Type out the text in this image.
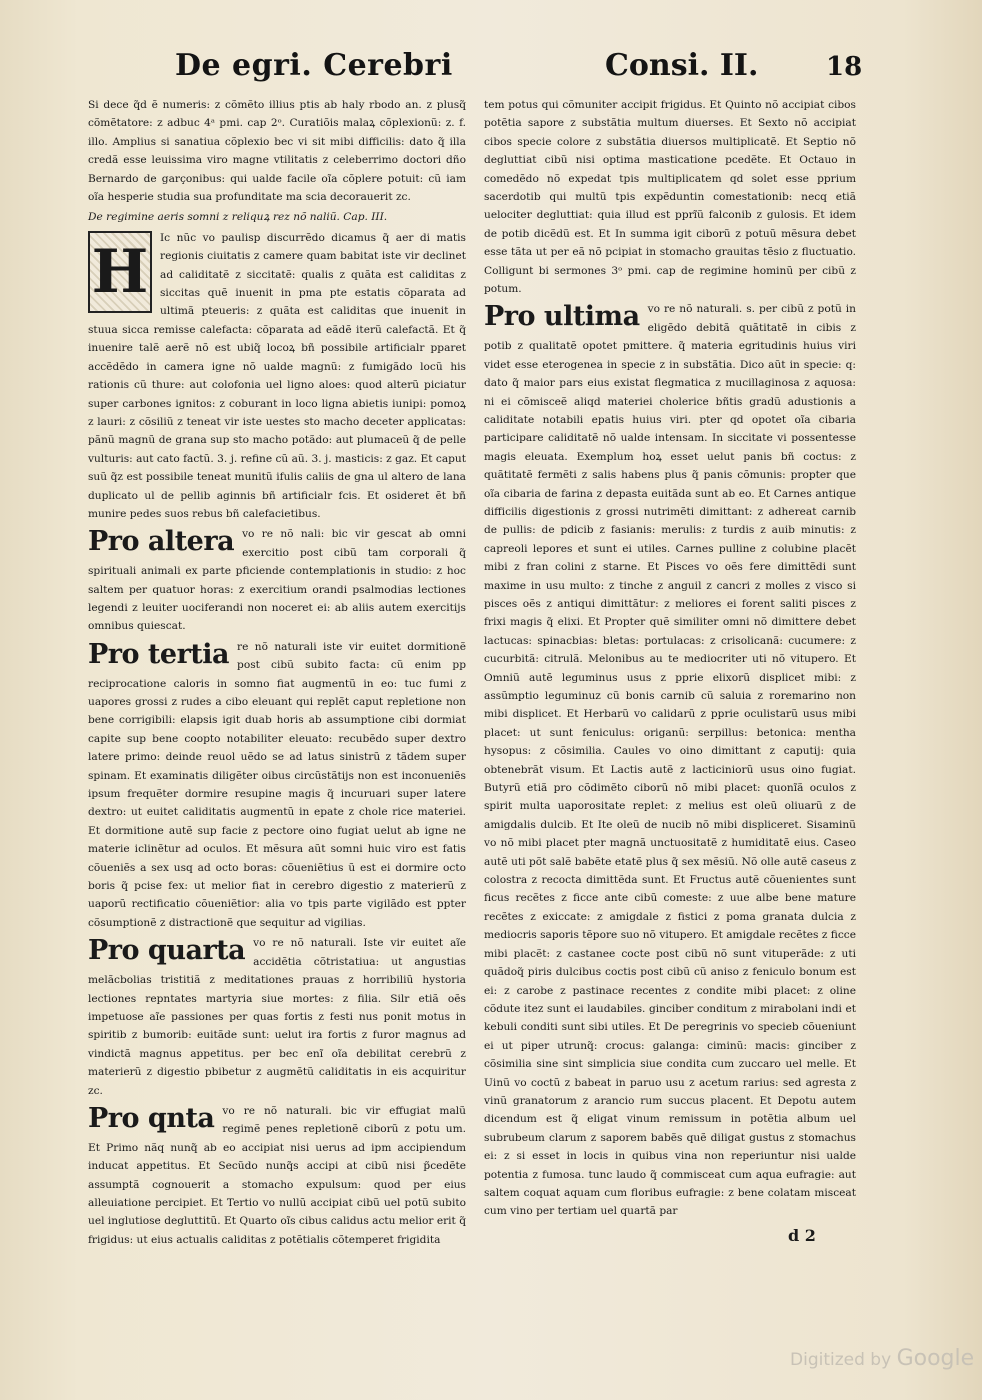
De egri. Cerebri	Consi. II.	18

Si dece q̃d ẽ numeris: z cõmẽto illius ptis ab haly rbodo an. z plusq̃ cõmẽtatore: z adbuc 4ᵃ pmi. cap 2ᵒ. Curatiõis malaꝝ cõplexionũ: z. f. illo. Amplius si sanatiua cõplexio bec vi sit mibi difficilis: dato q̃ illa credã esse leuissima viro magne vtilitatis z celeberrimo doctori dño Bernardo de garçonibus: qui ualde facile oĩa cõplere potuit: cũ iam oĩa hesperie studia sua profunditate ma scia decorauerit zc.

De regimine aeris somni z reliquꝝ rez nõ naliũ. Cap. III.

H	Ic nũc vo paulisp discurrẽdo dicamus q̃ aer di matis regionis ciuitatis z camere quam babitat iste vir declinet ad caliditatẽ z siccitatẽ: qualis z quãta est caliditas z siccitas quẽ inuenit in pma pte estatis cõparata ad ultimã pteueris: z quãta est caliditas que inuenit in stuua sicca remisse calefacta: cõparata ad eãdẽ iterũ calefactã. Et q̃ inuenire talẽ aerẽ nõ est ubiq̃ locoꝝ bñ possibile artificialr pparet accẽdẽdo in camera igne nõ ualde magnũ: z fumigãdo locũ his rationis cũ thure: aut colofonia uel ligno aloes: quod alterũ piciatur super carbones ignitos: z coburant in loco ligna abietis iunipi: pomoꝝ z lauri: z cõsiliũ z teneat vir iste uestes sto macho deceter applicatas: pãnũ magnũ de grana sup sto macho potãdo: aut plumaceũ q̃ de pelle vulturis: aut cato factũ. 3. j. refine cũ aũ. 3. j. masticis: z gaz. Et caput suũ q̃z est possibile teneat munitũ ifulis caliis de gna ul altero de lana duplicato ul de pellib aginnis bñ artificialr fcis. Et osideret ẽt bñ munire pedes suos rebus bñ calefacietibus.

Pro altera vo re nõ nali: bic vir gescat ab omni exercitio post cibũ tam corporali q̃ spirituali animali ex parte pficiende contemplationis in studio: z hoc saltem per quatuor horas: z exercitium orandi psalmodias lectiones legendi z leuiter uociferandi non noceret ei: ab aliis autem exercitijs omnibus quiescat.

Pro tertia re nõ naturali iste vir euitet dormitionẽ post cibũ subito facta: cũ enim pp reciprocatione caloris in somno fiat augmentũ in eo: tuc fumi z uapores grossi z rudes a cibo eleuant qui replẽt caput repletione non bene corrigibili: elapsis igit duab horis ab assumptione cibi dormiat capite sup bene coopto notabiliter eleuato: recubẽdo super dextro latere primo: deinde reuol uẽdo se ad latus sinistrũ z tãdem super spinam. Et examinatis diligẽter oibus circũstãtijs non est inconueniẽs ipsum frequẽter dormire resupine magis q̃ incuruari super latere dextro: ut euitet caliditatis augmentũ in epate z chole rice materiei. Et dormitione autẽ sup facie z pectore oino fugiat uelut ab igne ne materie iclinẽtur ad oculos. Et mẽsura aũt somni huic viro est fatis cõueniẽs a sex usq ad octo boras: cõueniẽtius ũ est ei dormire octo boris q̃ pcise fex: ut melior fiat in cerebro digestio z materierũ z uaporũ rectificatio cõueniẽtior: alia vo tpis parte vigilãdo est ppter cõsumptionẽ z distractionẽ que sequitur ad vigilias.

Pro quarta vo re nõ naturali. Iste vir euitet aĩe accidẽtia cõtristatiua: ut angustias melãcbolias tristitiã z meditationes prauas z horribiliũ hystoria lectiones repntates martyria siue mortes: z filia. Silr etiã oẽs impetuose aĩe passiones per quas fortis z festi nus ponit motus in spiritib z bumorib: euitãde sunt: uelut ira fortis z furor magnus ad vindictã magnus appetitus. per bec enĩ oĩa debilitat cerebrũ z materierũ z digestio pbibetur z augmẽtũ caliditatis in eis acquiritur zc.

Pro qnta vo re nõ naturali. bic vir effugiat malũ regimẽ penes repletionẽ ciborũ z potu um. Et Primo nãq nunq̃ ab eo accipiat nisi uerus ad ipm accipiendum inducat appetitus. Et Secũdo nunq̃s accipi at cibũ nisi p̃cedẽte assumptã cognouerit a stomacho expulsum: quod per eius alleuiatione percipiet. Et Tertio vo nullũ accipiat cibũ uel potũ subito uel inglutiose degluttitũ. Et Quarto oĩs cibus calidus actu melior erit q̃ frigidus: ut eius actualis caliditas z potẽtialis cõtemperet frigidita

tem potus qui cõmuniter accipit frigidus. Et Quinto nõ accipiat cibos potẽtia sapore z substãtia multum diuerses. Et Sexto nõ accipiat cibos specie colore z substãtia diuersos multiplicatẽ. Et Septio nõ degluttiat cibũ nisi optima masticatione pcedẽte. Et Octauo in comedẽdo nõ expedat tpis multiplicatem qd solet esse pprium sacerdotib qui multũ tpis expẽduntin comestationib: necq etiã uelociter degluttiat: quia illud est pprĩũ falconib z gulosis. Et idem de potib dicẽdũ est. Et In summa igit ciborũ z potuũ mẽsura debet esse tãta ut per eã nõ pcipiat in stomacho grauitas tẽsio z fluctuatio. Colligunt bi sermones 3ᵒ pmi. cap de regimine hominũ per cibũ z potum.

Pro ultima vo re nõ naturali. s. per cibũ z potũ in eligẽdo debitã quãtitatẽ in cibis z potib z qualitatẽ opotet pmittere. q̃ materia egritudinis huius viri videt esse eterogenea in specie z in substãtia. Dico aũt in specie: q: dato q̃ maior pars eius existat flegmatica z mucillaginosa z aquosa: ni ei cõmisceẽ aliqd materiei cholerice bñtis gradũ adustionis a caliditate notabili epatis huius viri. pter qd opotet oĩa cibaria participare caliditatẽ nõ ualde intensam. In siccitate vi possentesse magis eleuata. Exemplum hoꝝ esset uelut panis bñ coctus: z quãtitatẽ fermẽti z salis habens plus q̃ panis cõmunis: propter que oĩa cibaria de farina z depasta euitãda sunt ab eo. Et Carnes antique difficilis digestionis z grossi nutrimẽti dimittant: z adhereat carnib de pullis: de pdicib z fasianis: merulis: z turdis z auib minutis: z capreoli lepores et sunt ei utiles. Carnes pulline z colubine placẽt mibi z fran colini z starne. Et Pisces vo oẽs fere dimittẽdi sunt maxime in usu multo: z tinche z anguil z cancri z molles z visco si pisces oẽs z antiqui dimittãtur: z meliores ei forent saliti pisces z frixi magis q̃ elixi. Et Propter quẽ similiter omni nõ dimittere debet lactucas: spinacbias: bletas: portulacas: z crisolicanã: cucumere: z cucurbitã: citrulã. Melonibus au te mediocriter uti nõ vitupero. Et Omniũ autẽ leguminus usus z pprie elixorũ displicet mibi: z assũmptio leguminuz cũ bonis carnib cũ saluia z roremarino non mibi displicet. Et Herbarũ vo calidarũ z pprie oculistarũ usus mibi placet: ut sunt feniculus: origanũ: serpillus: betonica: mentha hysopus: z cõsimilia. Caules vo oino dimittant z caputij: quia obtenebrãt visum. Et Lactis autẽ z lacticiniorũ usus oino fugiat. Butyrũ etiã pro cõdimẽto ciborũ nõ mibi placet: quonĩã oculos z spirit multa uaporositate replet: z melius est oleũ oliuarũ z de amigdalis dulcib. Et Ite oleũ de nucib nõ mibi displiceret. Sisaminũ vo nõ mibi placet pter magnã unctuositatẽ z humiditatẽ eius. Caseo autẽ uti põt salẽ babẽte etatẽ plus q̃ sex mẽsiũ. Nõ olle autẽ caseus z colostra z recocta dimittẽda sunt. Et Fructus autẽ cõuenientes sunt ficus recẽtes z ficce ante cibũ comeste: z uue albe bene mature recẽtes z exiccate: z amigdale z fistici z poma granata dulcia z mediocris saporis tẽpore suo nõ vitupero. Et amigdale recẽtes z ficce mibi placẽt: z castanee cocte post cibũ nõ sunt vituperãde: z uti quãdoq̃ piris dulcibus coctis post cibũ cũ aniso z feniculo bonum est ei: z carobe z pastinace recentes z condite mibi placet: z oline cõdute itez sunt ei laudabiles. ginciber conditum z mirabolani indi et kebuli conditi sunt sibi utiles. Et De peregrinis vo specieb cõueniunt ei ut piper utrunq̃: crocus: galanga: ciminũ: macis: ginciber z cõsimilia sine sint simplicia siue condita cum zuccaro uel melle. Et Uinũ vo coctũ z babeat in paruo usu z acetum rarius: sed agresta z vinũ granatorum z arancio rum succus placent. Et Depotu autem dicendum est q̃ eligat vinum remissum in potẽtia album uel subrubeum clarum z saporem babẽs quẽ diligat gustus z stomachus ei: z si esset in locis in quibus vina non reperiuntur nisi ualde potentia z fumosa. tunc laudo q̃ commisceat cum aqua eufragie: aut saltem coquat aquam cum floribus eufragie: z bene colatam misceat cum vino per tertiam uel quartã par

d 2
Digitized by Google
